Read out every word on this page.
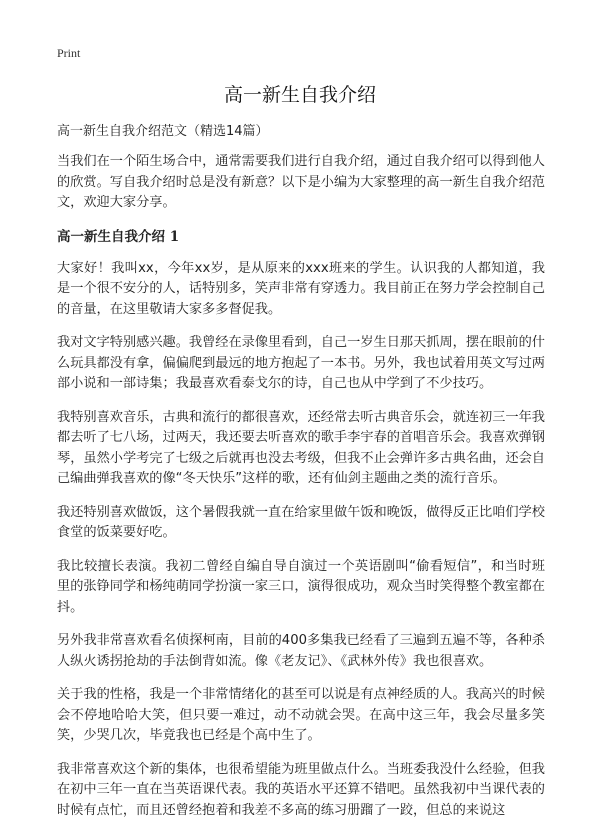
Print
高一新生自我介绍

高一新生自我介绍范文（精选14篇）

当我们在一个陌生场合中，通常需要我们进行自我介绍，通过自我介绍可以得到他人的欣赏。写自我介绍时总是没有新意？以下是小编为大家整理的高一新生自我介绍范文，欢迎大家分享。

高一新生自我介绍 1

大家好！我叫xx，今年xx岁，是从原来的xxx班来的学生。认识我的人都知道，我是一个很不安分的人，话特别多，笑声非常有穿透力。我目前正在努力学会控制自己的音量，在这里敬请大家多多督促我。

我对文字特别感兴趣。我曾经在录像里看到，自己一岁生日那天抓周，摆在眼前的什么玩具都没有拿，偏偏爬到最远的地方抱起了一本书。另外，我也试着用英文写过两部小说和一部诗集；我最喜欢看泰戈尔的诗，自己也从中学到了不少技巧。

我特别喜欢音乐，古典和流行的都很喜欢，还经常去听古典音乐会，就连初三一年我都去听了七八场，过两天，我还要去听喜欢的歌手李宇春的首唱音乐会。我喜欢弹钢琴，虽然小学考完了七级之后就再也没去考级，但我不止会弹许多古典名曲，还会自己编曲弹我喜欢的像“冬天快乐”这样的歌，还有仙剑主题曲之类的流行音乐。

我还特别喜欢做饭，这个暑假我就一直在给家里做午饭和晚饭，做得反正比咱们学校食堂的饭菜要好吃。

我比较擅长表演。我初二曾经自编自导自演过一个英语剧叫“偷看短信”，和当时班里的张铮同学和杨纯萌同学扮演一家三口，演得很成功，观众当时笑得整个教室都在抖。

另外我非常喜欢看名侦探柯南，目前的400多集我已经看了三遍到五遍不等，各种杀人纵火诱拐抢劫的手法倒背如流。像《老友记》、《武林外传》我也很喜欢。

关于我的性格，我是一个非常情绪化的甚至可以说是有点神经质的人。我高兴的时候会不停地哈哈大笑，但只要一难过，动不动就会哭。在高中这三年，我会尽量多笑笑，少哭几次，毕竟我也已经是个高中生了。

我非常喜欢这个新的集体，也很希望能为班里做点什么。当班委我没什么经验，但我在初中三年一直在当英语课代表。我的英语水平还算不错吧。虽然我初中当课代表的时候有点忙，而且还曾经抱着和我差不多高的练习册蹓了一跤，但总的来说这
